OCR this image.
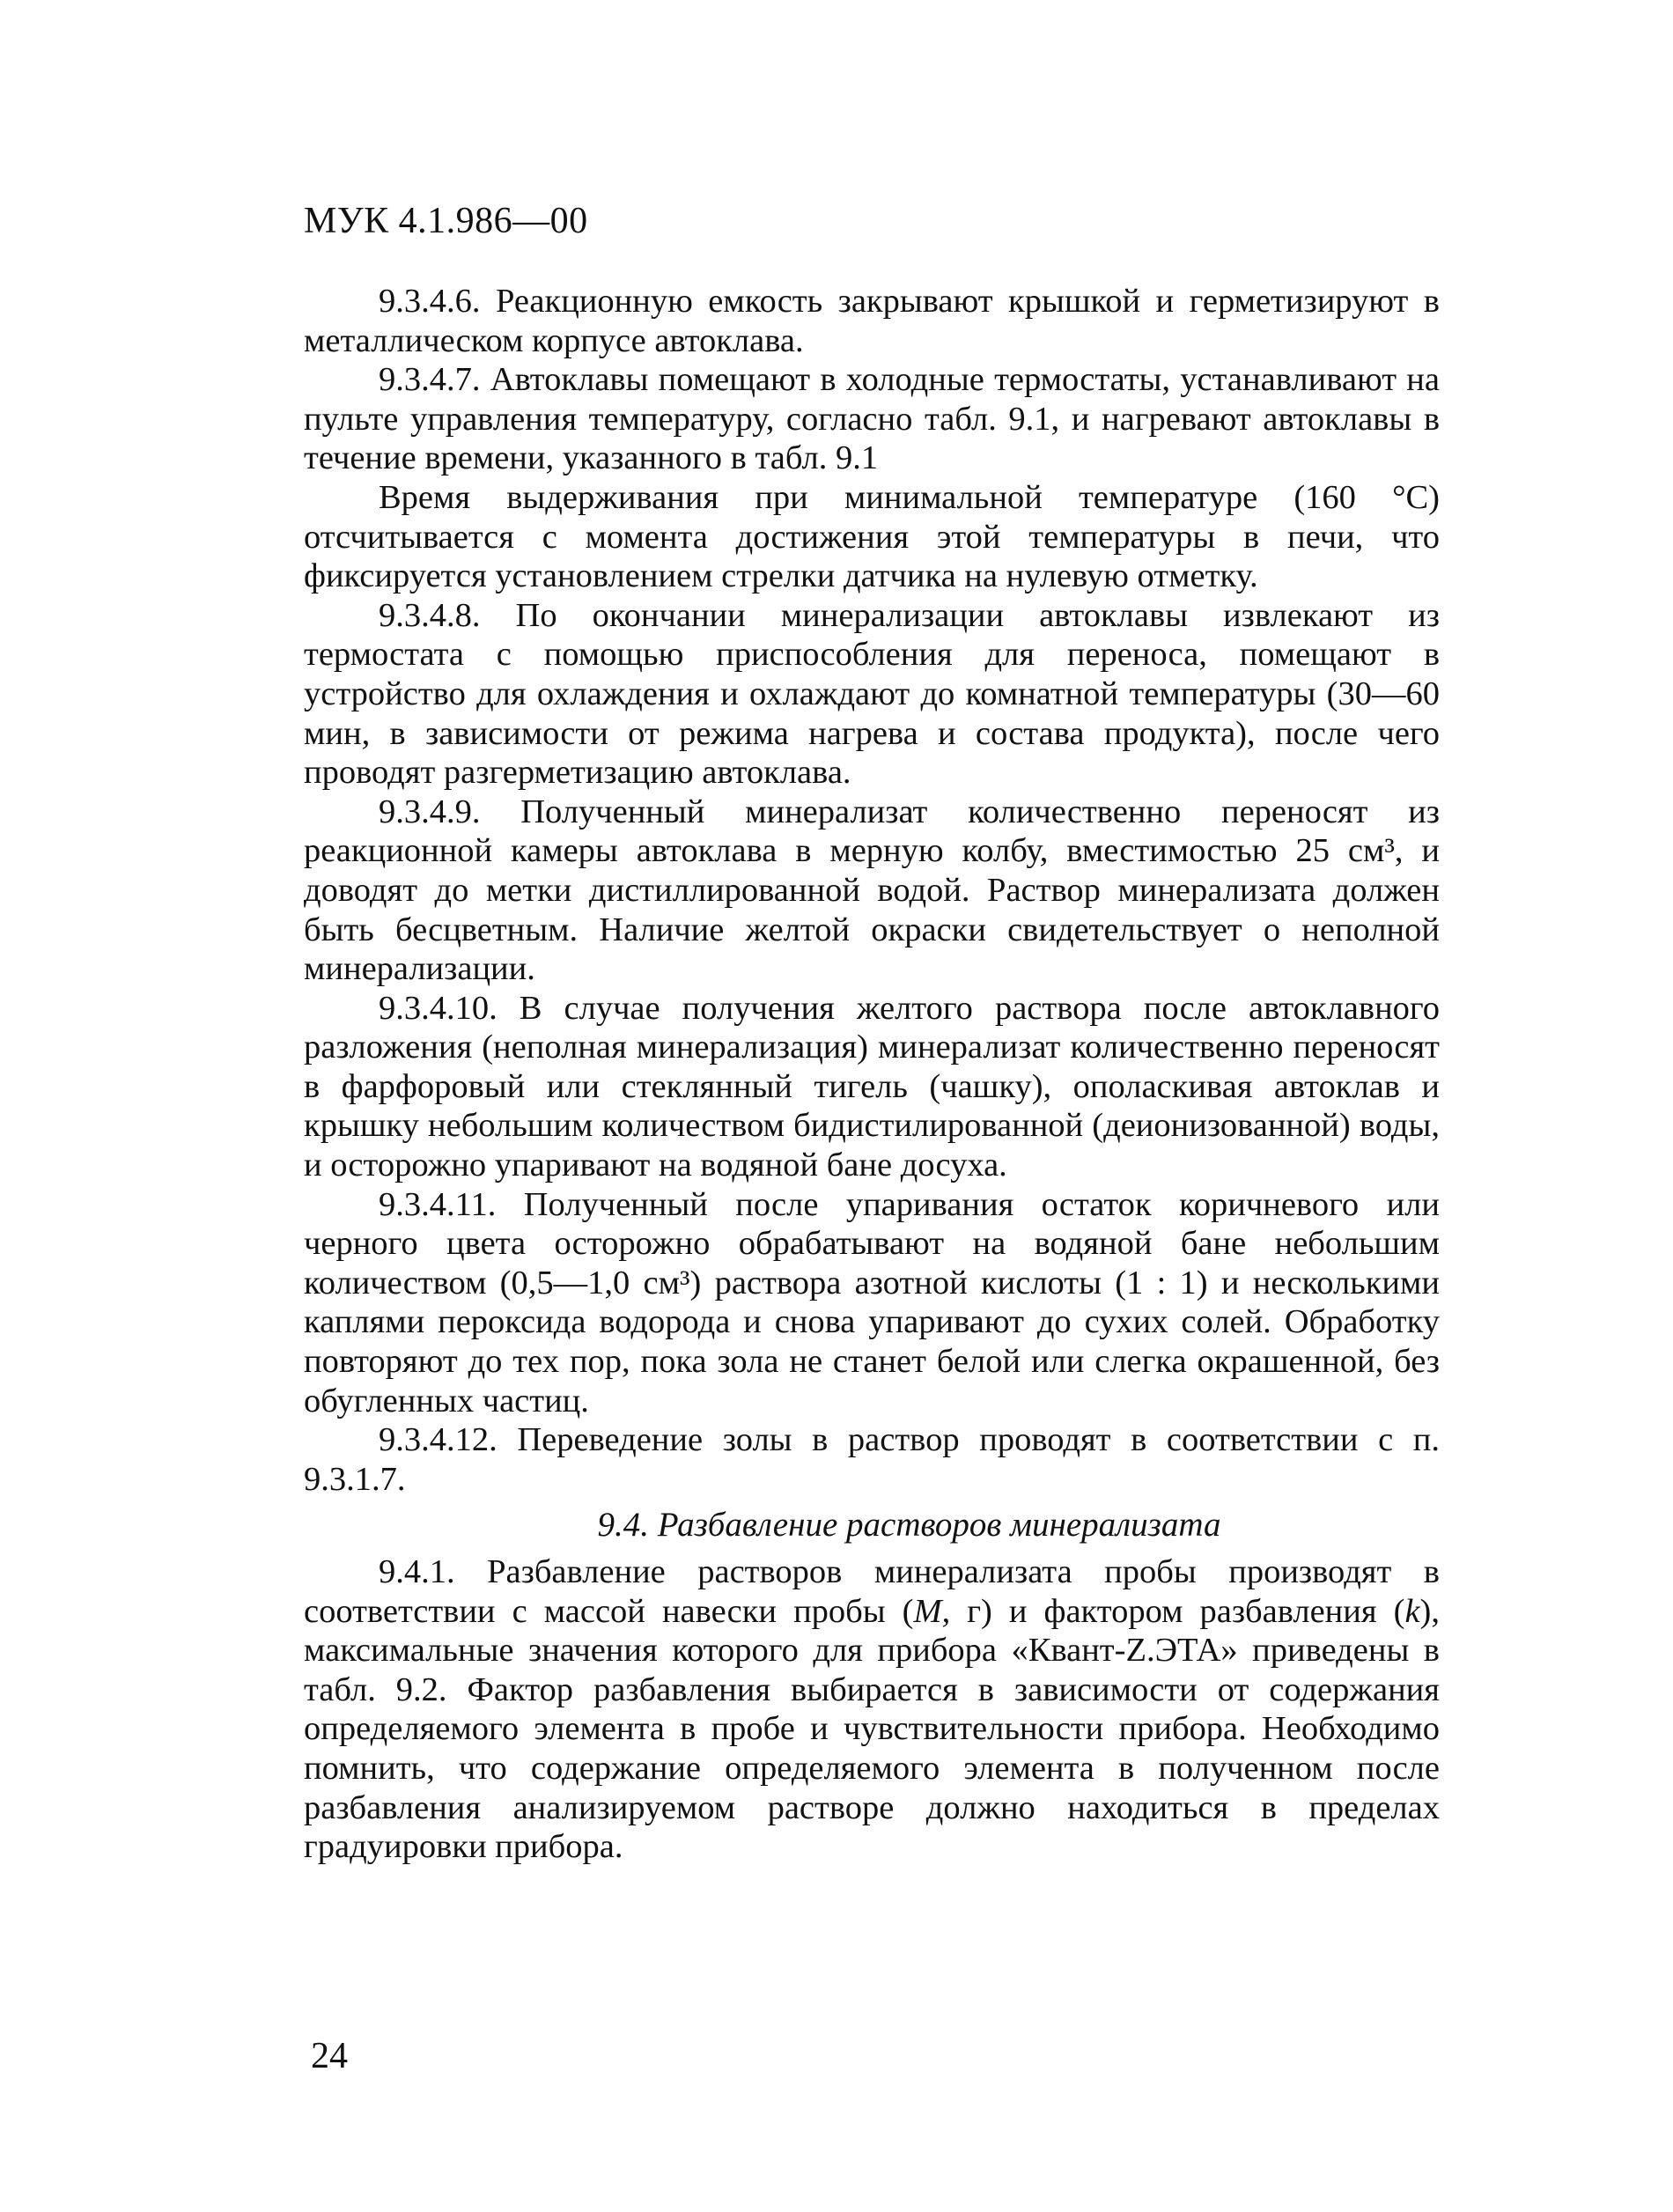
МУК 4.1.986—00

9.3.4.6. Реакционную емкость закрывают крышкой и герметизируют в металлическом корпусе автоклава.

9.3.4.7. Автоклавы помещают в холодные термостаты, устанавливают на пульте управления температуру, согласно табл. 9.1, и нагревают автоклавы в течение времени, указанного в табл. 9.1

Время выдерживания при минимальной температуре (160 °С) отсчитывается с момента достижения этой температуры в печи, что фиксируется установлением стрелки датчика на нулевую отметку.

9.3.4.8. По окончании минерализации автоклавы извлекают из термостата с помощью приспособления для переноса, помещают в устройство для охлаждения и охлаждают до комнатной температуры (30—60 мин, в зависимости от режима нагрева и состава продукта), после чего проводят разгерметизацию автоклава.

9.3.4.9. Полученный минерализат количественно переносят из реакционной камеры автоклава в мерную колбу, вместимостью 25 см³, и доводят до метки дистиллированной водой. Раствор минерализата должен быть бесцветным. Наличие желтой окраски свидетельствует о неполной минерализации.

9.3.4.10. В случае получения желтого раствора после автоклавного разложения (неполная минерализация) минерализат количественно переносят в фарфоровый или стеклянный тигель (чашку), ополаскивая автоклав и крышку небольшим количеством бидистилированной (деионизованной) воды, и осторожно упаривают на водяной бане досуха.

9.3.4.11. Полученный после упаривания остаток коричневого или черного цвета осторожно обрабатывают на водяной бане небольшим количеством (0,5—1,0 см³) раствора азотной кислоты (1 : 1) и несколькими каплями пероксида водорода и снова упаривают до сухих солей. Обработку повторяют до тех пор, пока зола не станет белой или слегка окрашенной, без обугленных частиц.

9.3.4.12. Переведение золы в раствор проводят в соответствии с п. 9.3.1.7.

9.4. Разбавление растворов минерализата

9.4.1. Разбавление растворов минерализата пробы производят в соответствии с массой навески пробы (M, г) и фактором разбавления (k), максимальные значения которого для прибора «Квант-Z.ЭТА» приведены в табл. 9.2. Фактор разбавления выбирается в зависимости от содержания определяемого элемента в пробе и чувствительности прибора. Необходимо помнить, что содержание определяемого элемента в полученном после разбавления анализируемом растворе должно находиться в пределах градуировки прибора.

24
